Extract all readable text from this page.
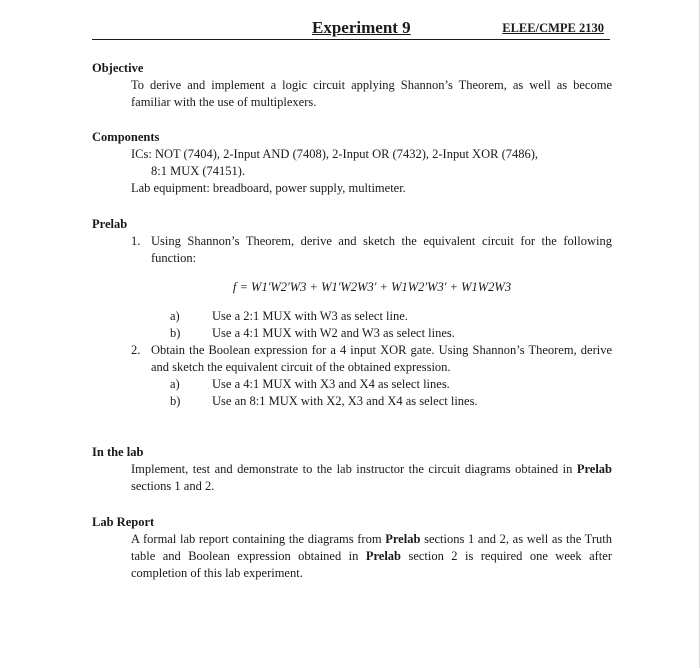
Experiment 9	ELEE/CMPE 2130
Objective
To derive and implement a logic circuit applying Shannon’s Theorem, as well as become familiar with the use of multiplexers.
Components
ICs: NOT (7404), 2-Input AND (7408), 2-Input OR (7432), 2-Input XOR (7486),
8:1 MUX (74151).
Lab equipment: breadboard, power supply, multimeter.
Prelab
1. Using Shannon’s Theorem, derive and sketch the equivalent circuit for the following function:
f = W1'W2'W3 + W1'W2W3' + W1W2'W3' + W1W2W3
a)	Use a 2:1 MUX with W3 as select line.
b)	Use a 4:1 MUX with W2 and W3 as select lines.
2. Obtain the Boolean expression for a 4 input XOR gate. Using Shannon’s Theorem, derive and sketch the equivalent circuit of the obtained expression.
a)	Use a 4:1 MUX with X3 and X4 as select lines.
b)	Use an 8:1 MUX with X2, X3 and X4 as select lines.
In the lab
Implement, test and demonstrate to the lab instructor the circuit diagrams obtained in Prelab sections 1 and 2.
Lab Report
A formal lab report containing the diagrams from Prelab sections 1 and 2, as well as the Truth table and Boolean expression obtained in Prelab section 2 is required one week after completion of this lab experiment.
